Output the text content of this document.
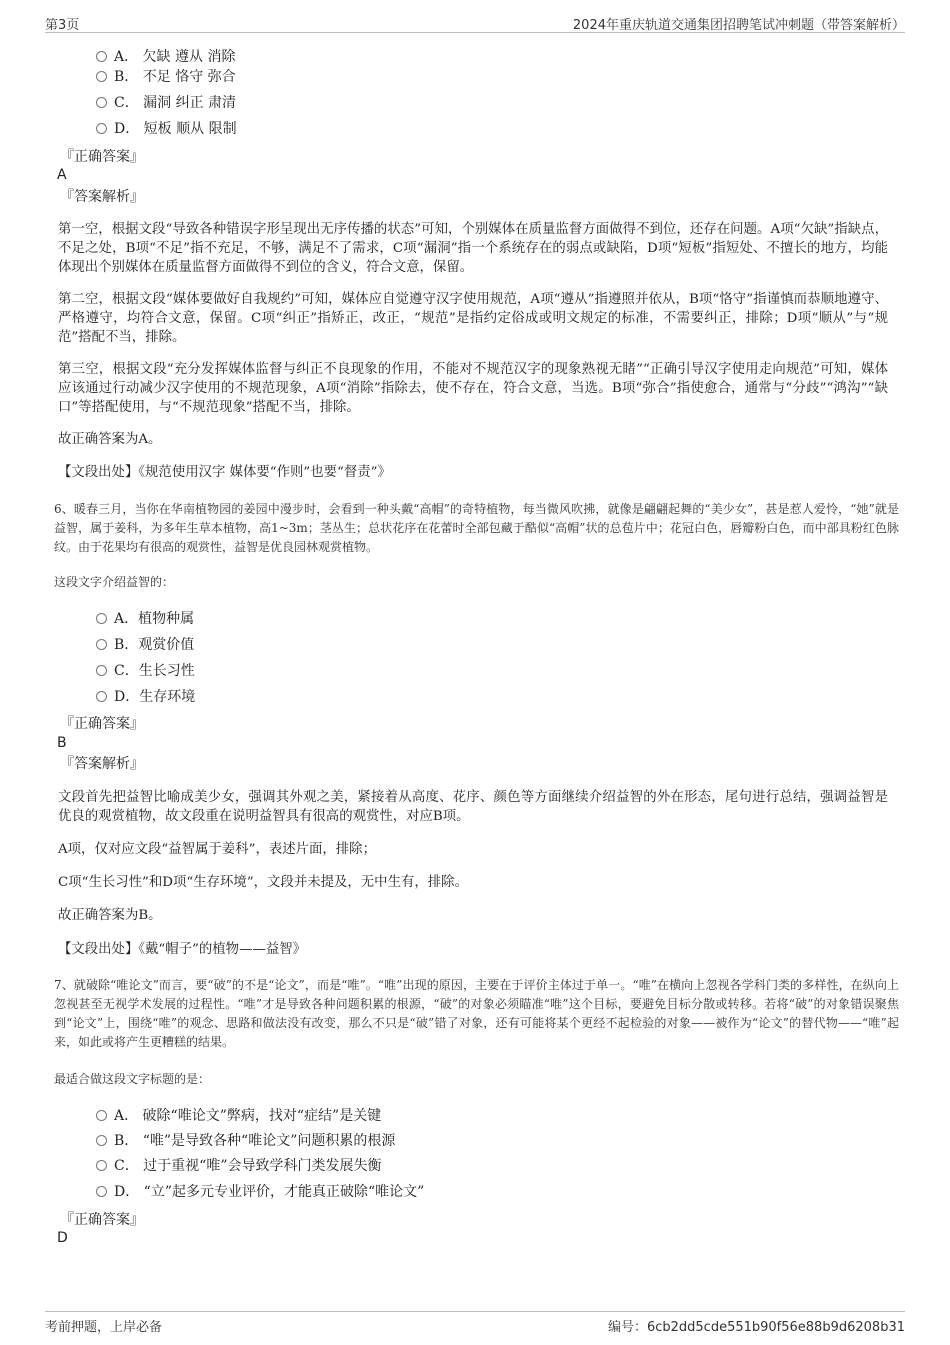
第3页	2024年重庆轨道交通集团招聘笔试冲刺题（带答案解析）
A． 欠缺 遵从 消除
B． 不足 恪守 弥合
C． 漏洞 纠正 肃清
D． 短板 顺从 限制
『正确答案』
A
『答案解析』
第一空，根据文段“导致各种错误字形呈现出无序传播的状态”可知，个别媒体在质量监督方面做得不到位，还存在问题。A项“欠缺”指缺点，不足之处，B项“不足”指不充足，不够，满足不了需求，C项“漏洞”指一个系统存在的弱点或缺陷，D项“短板”指短处、不擅长的地方，均能体现出个别媒体在质量监督方面做得不到位的含义，符合文意，保留。
第二空，根据文段“媒体要做好自我规约”可知，媒体应自觉遵守汉字使用规范，A项“遵从”指遵照并依从，B项“恪守”指谨慎而恭顺地遵守、严格遵守，均符合文意，保留。C项“纠正”指矫正，改正，“规范”是指约定俗成或明文规定的标准，不需要纠正，排除；D项“顺从”与“规范”搭配不当，排除。
第三空，根据文段“充分发挥媒体监督与纠正不良现象的作用，不能对不规范汉字的现象熟视无睹”“正确引导汉字使用走向规范”可知，媒体应该通过行动减少汉字使用的不规范现象，A项“消除”指除去，使不存在，符合文意，当选。B项“弥合”指使愈合，通常与“分歧”“鸿沟”“缺口”等搭配使用，与“不规范现象”搭配不当，排除。
故正确答案为A。
【文段出处】《规范使用汉字 媒体要“作则”也要“督责”》
6、暖春三月，当你在华南植物园的姜园中漫步时，会看到一种头戴“高帽”的奇特植物，每当微风吹拂，就像是翩翩起舞的“美少女”，甚是惹人爱怜，“她”就是益智，属于姜科，为多年生草本植物，高1~3m；茎丛生；总状花序在花蕾时全部包藏于酷似“高帽”状的总苞片中；花冠白色，唇瓣粉白色，而中部具粉红色脉纹。由于花果均有很高的观赏性，益智是优良园林观赏植物。
这段文字介绍益智的：
A．植物种属
B．观赏价值
C．生长习性
D．生存环境
『正确答案』
B
『答案解析』
文段首先把益智比喻成美少女，强调其外观之美，紧接着从高度、花序、颜色等方面继续介绍益智的外在形态，尾句进行总结，强调益智是优良的观赏植物，故文段重在说明益智具有很高的观赏性，对应B项。
A项，仅对应文段“益智属于姜科”，表述片面，排除；
C项“生长习性”和D项“生存环境”，文段并未提及，无中生有，排除。
故正确答案为B。
【文段出处】《戴“帽子”的植物——益智》
7、就破除“唯论文”而言，要“破”的不是“论文”，而是“唯”。“唯”出现的原因，主要在于评价主体过于单一。“唯”在横向上忽视各学科门类的多样性，在纵向上忽视甚至无视学术发展的过程性。“唯”才是导致各种问题积累的根源，“破”的对象必须瞄准“唯”这个目标，要避免目标分散或转移。若将“破”的对象错误聚焦到“论文”上，围绕“唯”的观念、思路和做法没有改变，那么不只是“破”错了对象，还有可能将某个更经不起检验的对象——被作为“论文”的替代物——“唯”起来，如此或将产生更糟糕的结果。
最适合做这段文字标题的是：
A． 破除“唯论文”弊病，找对“症结”是关键
B． “唯”是导致各种“唯论文”问题积累的根源
C． 过于重视“唯”会导致学科门类发展失衡
D． “立”起多元专业评价，才能真正破除“唯论文”
『正确答案』
D
考前押题，上岸必备	编号：6cb2dd5cde551b90f56e88b9d6208b31
